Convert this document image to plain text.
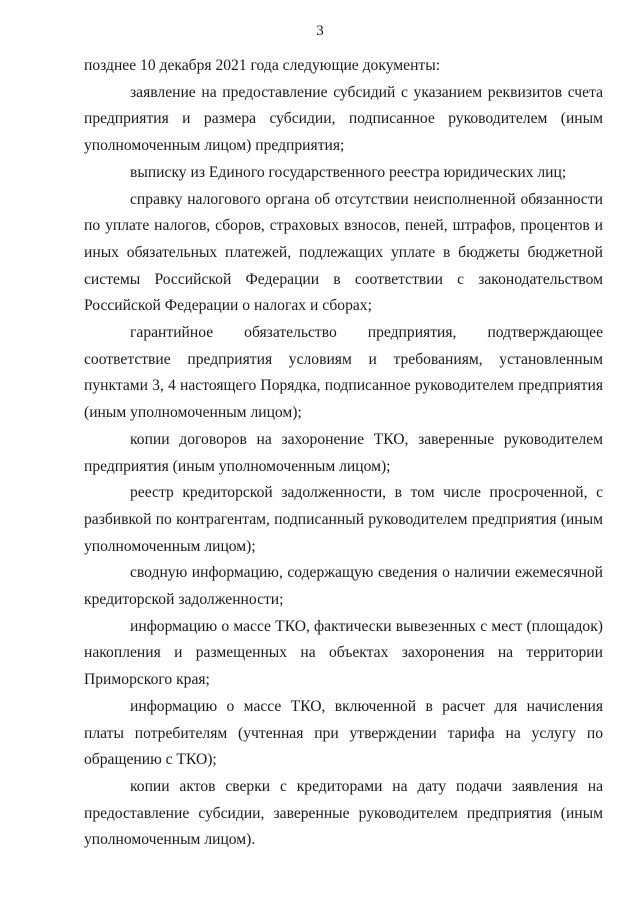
3

позднее 10 декабря 2021 года следующие документы:

заявление на предоставление субсидий с указанием реквизитов счета предприятия и размера субсидии, подписанное руководителем (иным уполномоченным лицом) предприятия;

выписку из Единого государственного реестра юридических лиц;

справку налогового органа об отсутствии неисполненной обязанности по уплате налогов, сборов, страховых взносов, пеней, штрафов, процентов и иных обязательных платежей, подлежащих уплате в бюджеты бюджетной системы Российской Федерации в соответствии с законодательством Российской Федерации о налогах и сборах;

гарантийное обязательство предприятия, подтверждающее соответствие предприятия условиям и требованиям, установленным пунктами 3, 4 настоящего Порядка, подписанное руководителем предприятия (иным уполномоченным лицом);

копии договоров на захоронение ТКО, заверенные руководителем предприятия (иным уполномоченным лицом);

реестр кредиторской задолженности, в том числе просроченной, с разбивкой по контрагентам, подписанный руководителем предприятия (иным уполномоченным лицом);

сводную информацию, содержащую сведения о наличии ежемесячной кредиторской задолженности;

информацию о массе ТКО, фактически вывезенных с мест (площадок) накопления и размещенных на объектах захоронения на территории Приморского края;

информацию о массе ТКО, включенной в расчет для начисления платы потребителям (учтенная при утверждении тарифа на услугу по обращению с ТКО);

копии актов сверки с кредиторами на дату подачи заявления на предоставление субсидии, заверенные руководителем предприятия (иным уполномоченным лицом).
